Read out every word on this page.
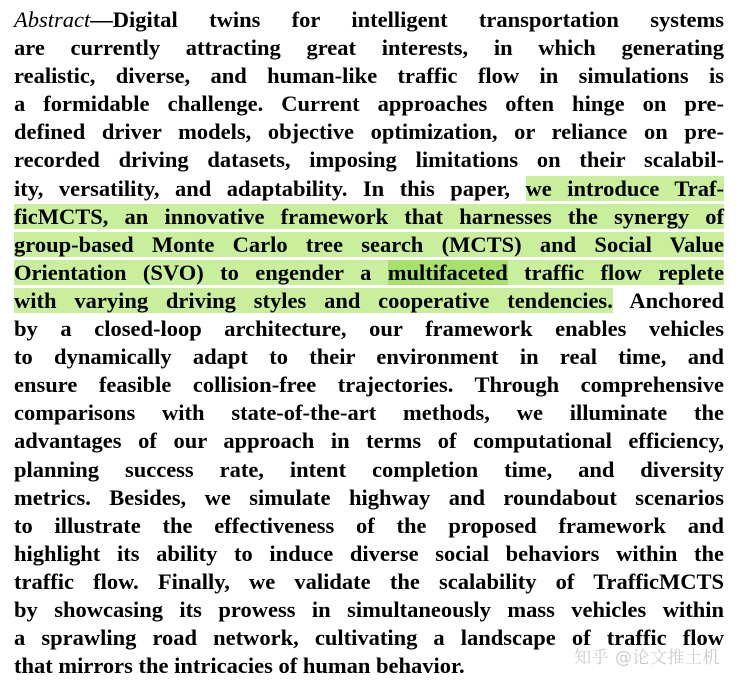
Abstract—Digital twins for intelligent transportation systems
are currently attracting great interests, in which generating
realistic, diverse, and human-like traffic flow in simulations is
a formidable challenge. Current approaches often hinge on pre-
defined driver models, objective optimization, or reliance on pre-
recorded driving datasets, imposing limitations on their scalabil-
ity, versatility, and adaptability. In this paper, we introduce Traf-
ficMCTS, an innovative framework that harnesses the synergy of
group-based Monte Carlo tree search (MCTS) and Social Value
Orientation (SVO) to engender a multifaceted traffic flow replete
with varying driving styles and cooperative tendencies. Anchored
by a closed-loop architecture, our framework enables vehicles
to dynamically adapt to their environment in real time, and
ensure feasible collision-free trajectories. Through comprehensive
comparisons with state-of-the-art methods, we illuminate the
advantages of our approach in terms of computational efficiency,
planning success rate, intent completion time, and diversity
metrics. Besides, we simulate highway and roundabout scenarios
to illustrate the effectiveness of the proposed framework and
highlight its ability to induce diverse social behaviors within the
traffic flow. Finally, we validate the scalability of TrafficMCTS
by showcasing its prowess in simultaneously mass vehicles within
a sprawling road network, cultivating a landscape of traffic flow
that mirrors the intricacies of human behavior.	知乎 @论文推土机
